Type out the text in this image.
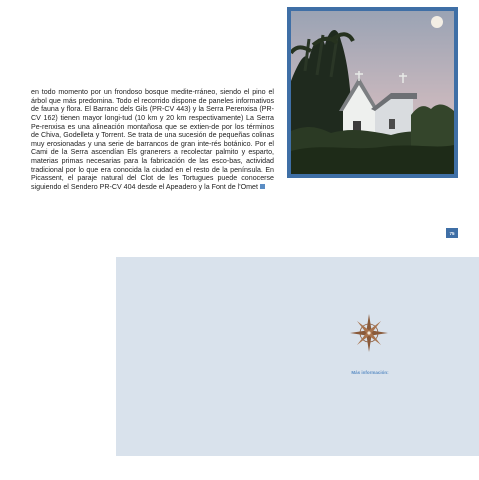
en todo momento por un frondoso bosque medite-rráneo, siendo el pino el árbol que más predomina. Todo el recorrido dispone de paneles informativos de fauna y flora. El Barranc dels Gils (PR-CV 443) y la Serra Perenxisa (PR-CV 162) tienen mayor longi-tud (10 km y 20 km respectivamente) La Serra Pe-renxisa es una alineación montañosa que se extien-de por los términos de Chiva, Godelleta y Torrent. Se trata de una sucesión de pequeñas colinas muy erosionadas y una serie de barrancos de gran inte-rés botánico. Por el Cami de la Serra ascendían Els granerers a recolectar palmito y esparto, materias primas necesarias para la fabricación de las esco-bas, actividad tradicional por lo que era conocida la ciudad en el resto de la península. En Picassent, el paraje natural del Clot de les Tortugues puede conocerse siguiendo el Sendero PR-CV 404 desde el Apeadero y la Font de l'Omet
75
Más información:
